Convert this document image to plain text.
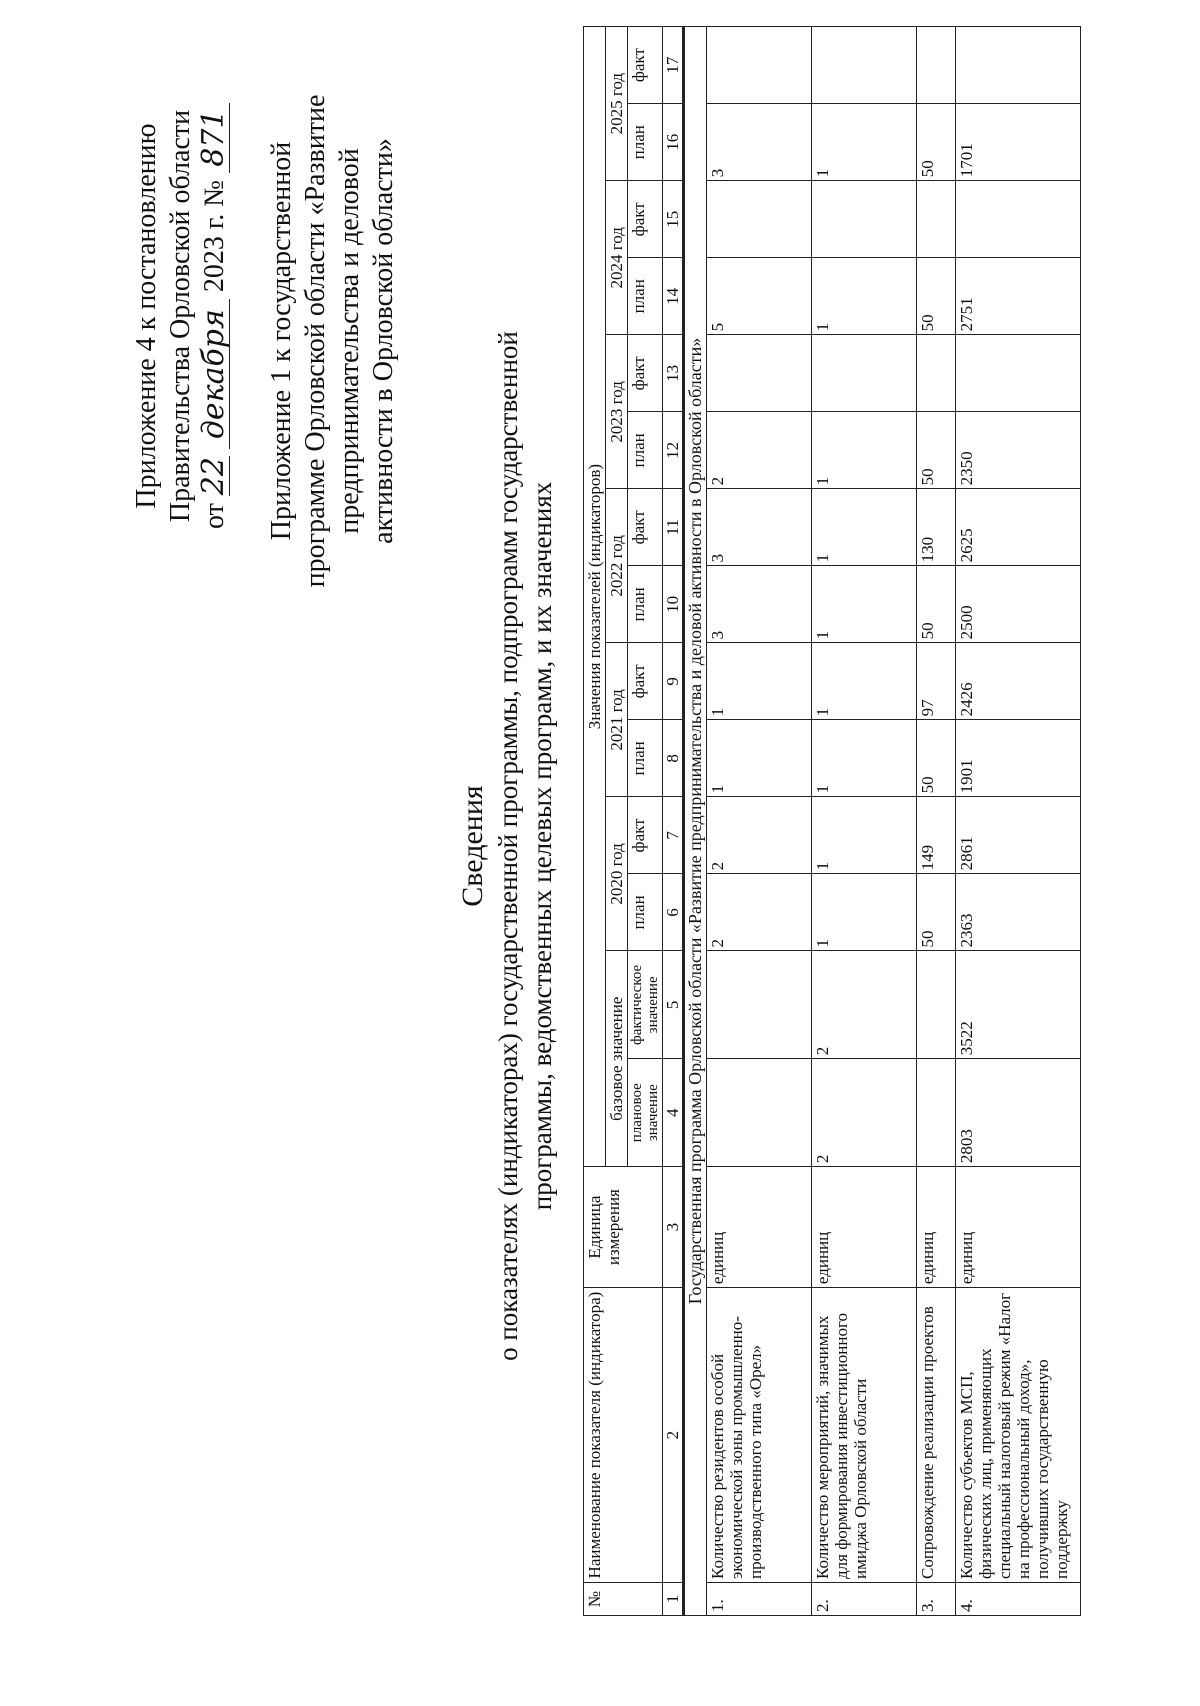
Приложение 4 к постановлению Правительства Орловской области от 22 декабря 2023 г. № 871
Приложение 1 к государственной программе Орловской области «Развитие предпринимательства и деловой активности в Орловской области»
Сведения о показателях (индикаторах) государственной программы, подпрограмм государственной программы, ведомственных целевых программ, и их значениях
№	Наименование показателя (индикатора)	Единица измерения	Значения показателей (индикаторов)													
			базовое значение		2020 год		2021 год		2022 год		2023 год		2024 год		2025 год	
			плановое значение	фактическое значение	план	факт	план	факт	план	факт	план	факт	план	факт	план	факт
1	2	3	4	5	6	7	8	9	10	11	12	13	14	15	16	17
Государственная программа Орловской области «Развитие предпринимательства и деловой активности в Орловской области»																
1.	Количество резидентов особой экономической зоны промышленно-производственного типа «Орел»	единиц			2	2	1	1	3	3	2		5		3	
2.	Количество мероприятий, значимых для формирования инвестиционного имиджа Орловской области	единиц	2	2	1	1	1	1	1	1	1		1		1	
3.	Сопровождение реализации проектов	единиц			50	149	50	97	50	130	50		50		50	
4.	Количество субъектов МСП, физических лиц, применяющих специальный налоговый режим «Налог на профессиональный доход», получивших государственную поддержку	единиц	2803	3522	2363	2861	1901	2426	2500	2625	2350		2751		1701	
